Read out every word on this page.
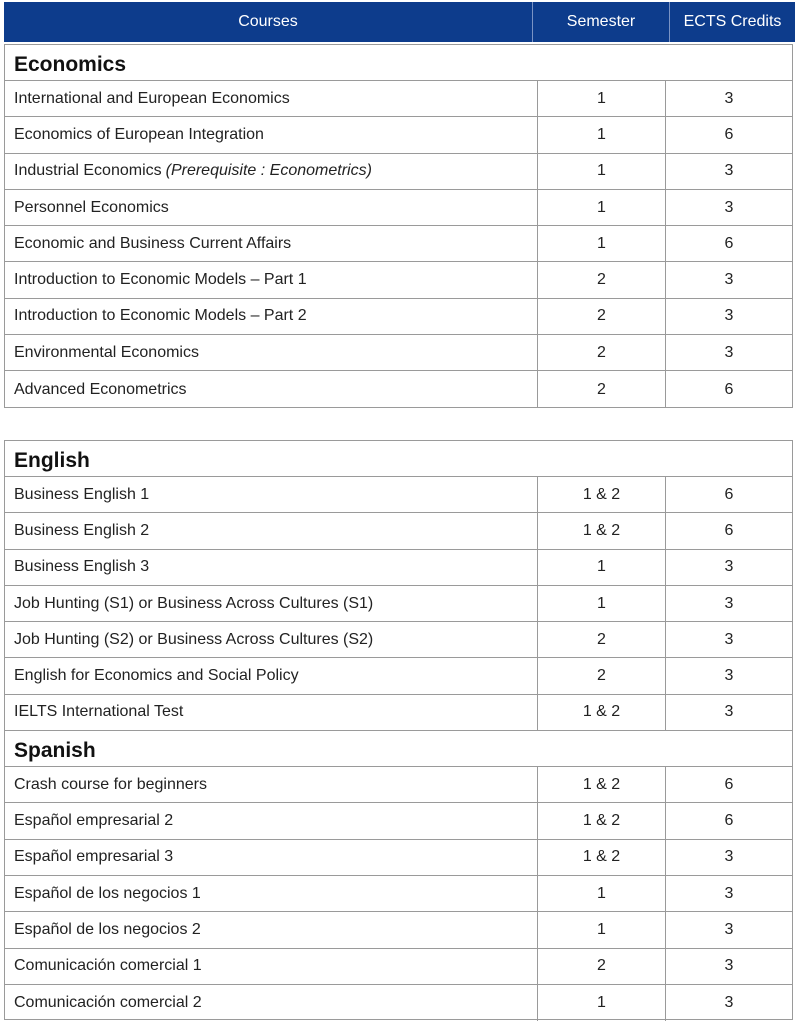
Courses	Semester	ECTS Credits
Economics
International and European Economics	1	3
Economics of European Integration	1	6
Industrial Economics (Prerequisite : Econometrics)	1	3
Personnel Economics	1	3
Economic and Business Current Affairs	1	6
Introduction to Economic Models – Part 1	2	3
Introduction to Economic Models – Part 2	2	3
Environmental Economics	2	3
Advanced Econometrics	2	6
English
Business English 1	1 & 2	6
Business English 2	1 & 2	6
Business English 3	1	3
Job Hunting (S1) or Business Across Cultures (S1)	1	3
Job Hunting (S2) or Business Across Cultures (S2)	2	3
English for Economics and Social Policy	2	3
IELTS International Test	1 & 2	3
Spanish
Crash course for beginners	1 & 2	6
Español empresarial 2	1 & 2	6
Español empresarial 3	1 & 2	3
Español de los negocios 1	1	3
Español de los negocios 2	1	3
Comunicación comercial 1	2	3
Comunicación comercial 2	1	3
